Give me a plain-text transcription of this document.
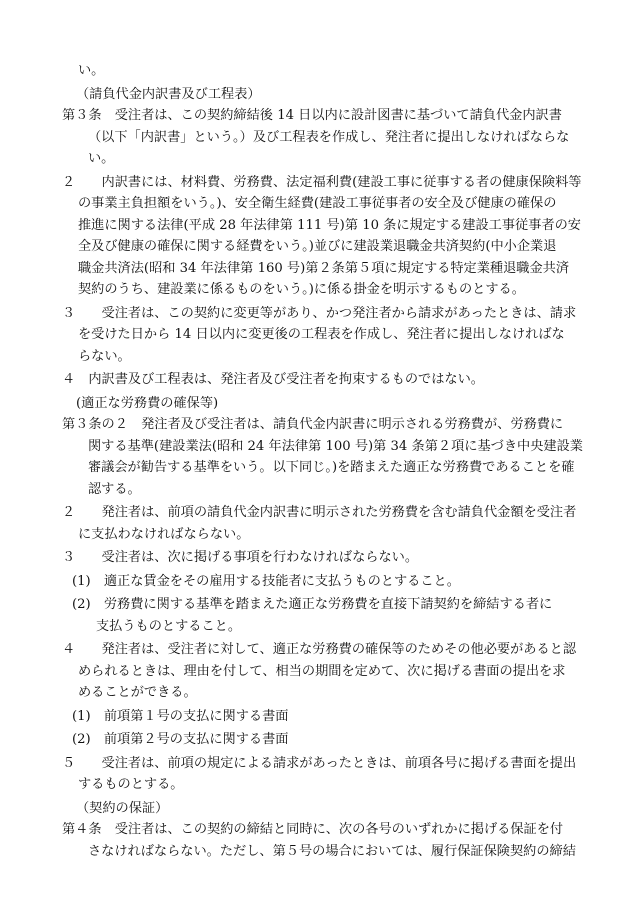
い。
（請負代金内訳書及び工程表）
第３条　受注者は、この契約締結後 14 日以内に設計図書に基づいて請負代金内訳書
（以下「内訳書」という。）及び工程表を作成し、発注者に提出しなければならな
い。
２　　内訳書には、材料費、労務費、法定福利費(建設工事に従事する者の健康保険料等
の事業主負担額をいう。)、安全衛生経費(建設工事従事者の安全及び健康の確保の
推進に関する法律(平成 28 年法律第 111 号)第 10 条に規定する建設工事従事者の安
全及び健康の確保に関する経費をいう。)並びに建設業退職金共済契約(中小企業退
職金共済法(昭和 34 年法律第 160 号)第２条第５項に規定する特定業種退職金共済
契約のうち、建設業に係るものをいう。)に係る掛金を明示するものとする。
３　　受注者は、この契約に変更等があり、かつ発注者から請求があったときは、請求
を受けた日から 14 日以内に変更後の工程表を作成し、発注者に提出しなければな
らない。
４　内訳書及び工程表は、発注者及び受注者を拘束するものではない。
(適正な労務費の確保等)
第３条の２　発注者及び受注者は、請負代金内訳書に明示される労務費が、労務費に
関する基準(建設業法(昭和 24 年法律第 100 号)第 34 条第２項に基づき中央建設業
審議会が勧告する基準をいう。以下同じ。)を踏まえた適正な労務費であることを確
認する。
２　　発注者は、前項の請負代金内訳書に明示された労務費を含む請負代金額を受注者
に支払わなければならない。
３　　受注者は、次に掲げる事項を行わなければならない。
(1)　適正な賃金をその雇用する技能者に支払うものとすること。
(2)　労務費に関する基準を踏まえた適正な労務費を直接下請契約を締結する者に
支払うものとすること。
４　　発注者は、受注者に対して、適正な労務費の確保等のためその他必要があると認
められるときは、理由を付して、相当の期間を定めて、次に掲げる書面の提出を求
めることができる。
(1)　前項第１号の支払に関する書面
(2)　前項第２号の支払に関する書面
５　　受注者は、前項の規定による請求があったときは、前項各号に掲げる書面を提出
するものとする。
（契約の保証）
第４条　受注者は、この契約の締結と同時に、次の各号のいずれかに掲げる保証を付
さなければならない。ただし、第５号の場合においては、履行保証保険契約の締結
